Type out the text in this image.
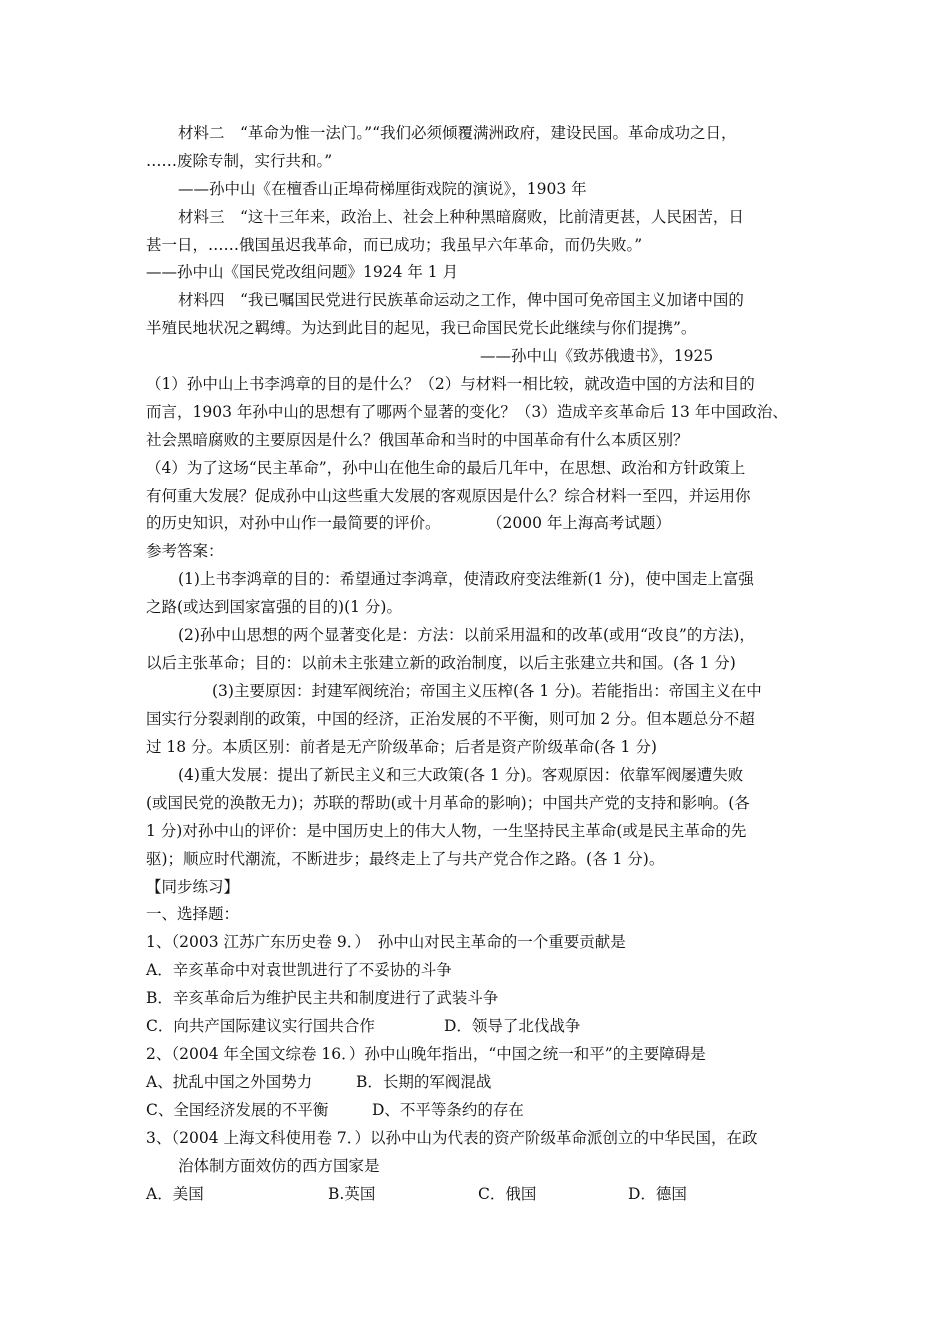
材料二　“革命为惟一法门。”“我们必须倾覆满洲政府，建设民国。革命成功之日，
……废除专制，实行共和。”
——孙中山《在檀香山正埠荷梯厘街戏院的演说》，1903 年
材料三　“这十三年来，政治上、社会上种种黑暗腐败，比前清更甚，人民困苦，日
甚一日，……俄国虽迟我革命，而已成功；我虽早六年革命，而仍失败。”
——孙中山《国民党改组问题》1924 年 1 月
材料四　“我已嘱国民党进行民族革命运动之工作，俾中国可免帝国主义加诸中国的
半殖民地状况之羁缚。为达到此目的起见，我已命国民党长此继续与你们提携”。
——孙中山《致苏俄遗书》，1925
（1）孙中山上书李鸿章的目的是什么？（2）与材料一相比较，就改造中国的方法和目的
而言，1903 年孙中山的思想有了哪两个显著的变化？（3）造成辛亥革命后 13 年中国政治、
社会黑暗腐败的主要原因是什么？俄国革命和当时的中国革命有什么本质区别？
（4）为了这场“民主革命”，孙中山在他生命的最后几年中，在思想、政治和方针政策上
有何重大发展？促成孙中山这些重大发展的客观原因是什么？综合材料一至四，并运用你
的历史知识，对孙中山作一最简要的评价。　　　　（2000 年上海高考试题）
参考答案：
(1)上书李鸿章的目的：希望通过李鸿章，使清政府变法维新(1 分)，使中国走上富强
之路(或达到国家富强的目的)(1 分)。
(2)孙中山思想的两个显著变化是：方法：以前采用温和的改革(或用“改良”的方法)，
以后主张革命；目的：以前未主张建立新的政治制度，以后主张建立共和国。(各 1 分)
(3)主要原因：封建军阀统治；帝国主义压榨(各 1 分)。若能指出：帝国主义在中
国实行分裂剥削的政策，中国的经济，正治发展的不平衡，则可加 2 分。但本题总分不超
过 18 分。本质区别：前者是无产阶级革命；后者是资产阶级革命(各 1 分)
(4)重大发展：提出了新民主义和三大政策(各 1 分)。客观原因：依靠军阀屡遭失败
(或国民党的涣散无力)；苏联的帮助(或十月革命的影响)；中国共产党的支持和影响。(各
1 分)对孙中山的评价：是中国历史上的伟大人物，一生坚持民主革命(或是民主革命的先
驱)；顺应时代潮流，不断进步；最终走上了与共产党合作之路。(各 1 分)。
【同步练习】
一、选择题：
1、（2003 江苏广东历史卷 9．）　孙中山对民主革命的一个重要贡献是
A．辛亥革命中对袁世凯进行了不妥协的斗争
B．辛亥革命后为维护民主共和制度进行了武装斗争
C．向共产国际建议实行国共合作	D．领导了北伐战争
2、（2004 年全国文综卷 16．）孙中山晚年指出，“中国之统一和平”的主要障碍是
A、扰乱中国之外国势力	B．长期的军阀混战
C、全国经济发展的不平衡	D、不平等条约的存在
3、（2004 上海文科使用卷 7．）以孙中山为代表的资产阶级革命派创立的中华民国，在政
治体制方面效仿的西方国家是
A．美国	B.英国	C．俄国	D．德国
